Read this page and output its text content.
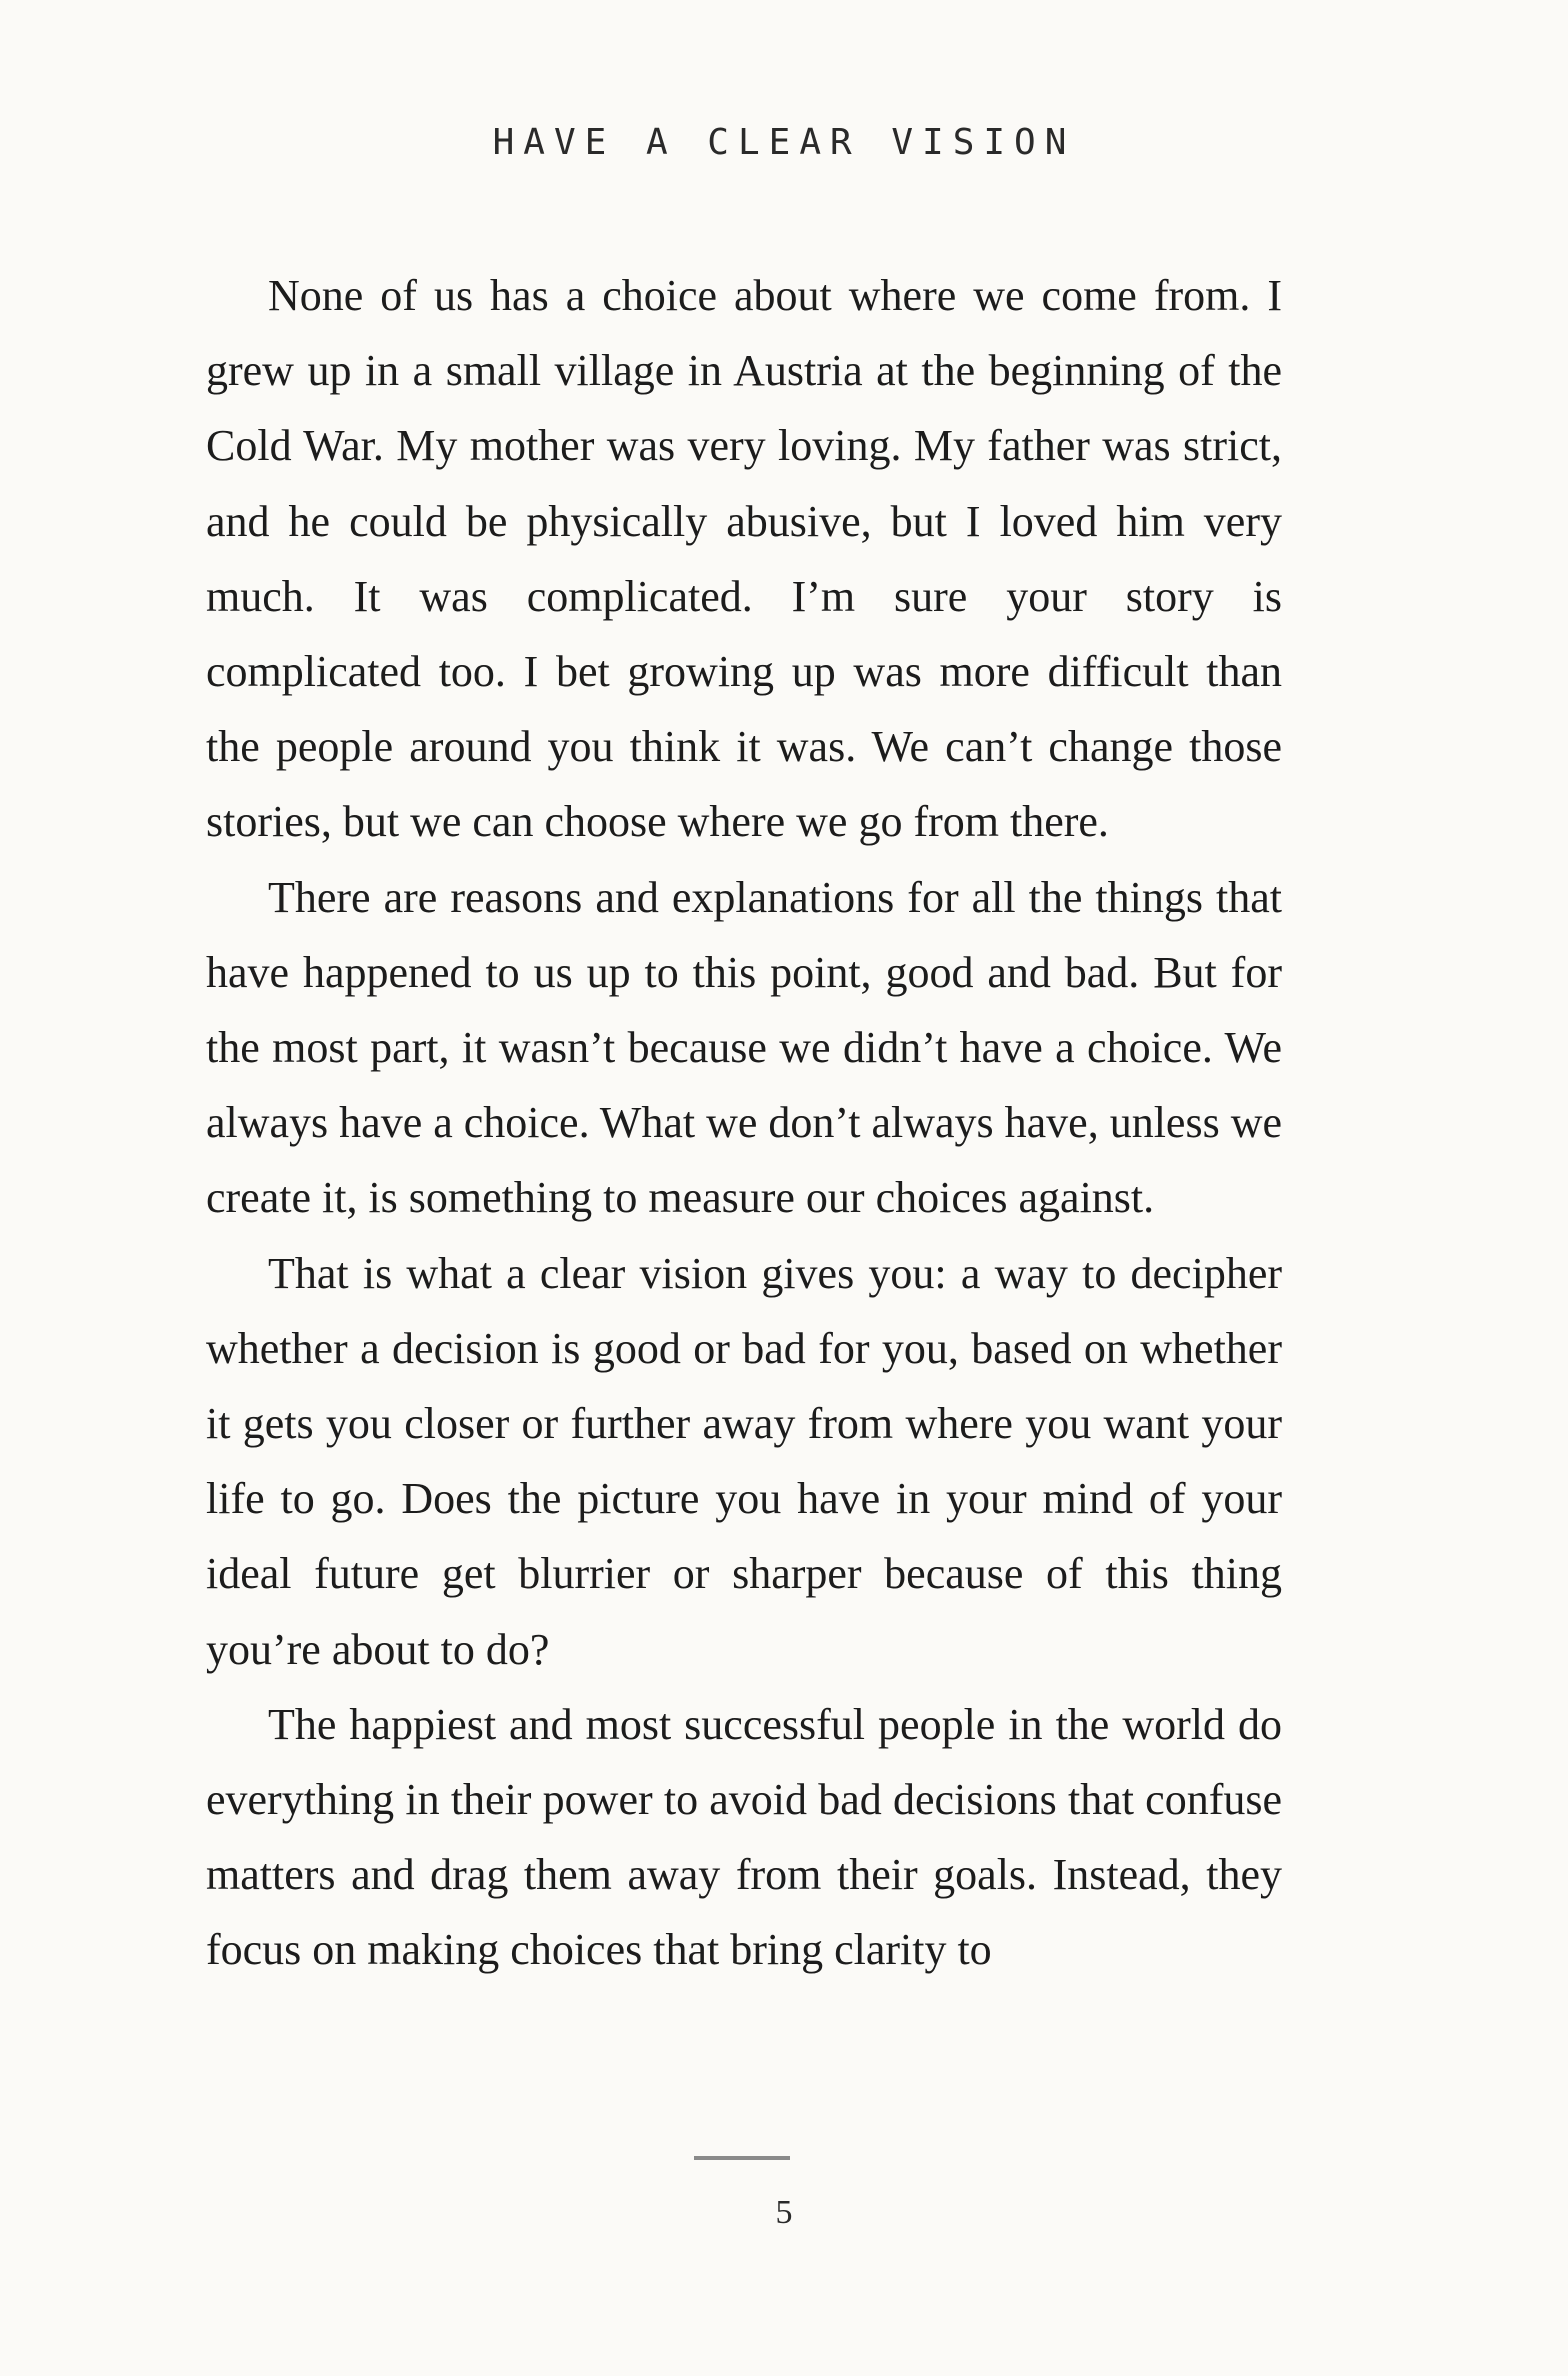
HAVE A CLEAR VISION

None of us has a choice about where we come from. I grew up in a small village in Austria at the beginning of the Cold War. My mother was very loving. My father was strict, and he could be physically abusive, but I loved him very much. It was complicated. I’m sure your story is complicated too. I bet growing up was more difficult than the people around you think it was. We can’t change those stories, but we can choose where we go from there.

There are reasons and explanations for all the things that have happened to us up to this point, good and bad. But for the most part, it wasn’t because we didn’t have a choice. We always have a choice. What we don’t always have, unless we create it, is something to measure our choices against.

That is what a clear vision gives you: a way to decipher whether a decision is good or bad for you, based on whether it gets you closer or further away from where you want your life to go. Does the picture you have in your mind of your ideal future get blurrier or sharper because of this thing you’re about to do?

The happiest and most successful people in the world do everything in their power to avoid bad decisions that confuse matters and drag them away from their goals. Instead, they focus on making choices that bring clarity to

5
